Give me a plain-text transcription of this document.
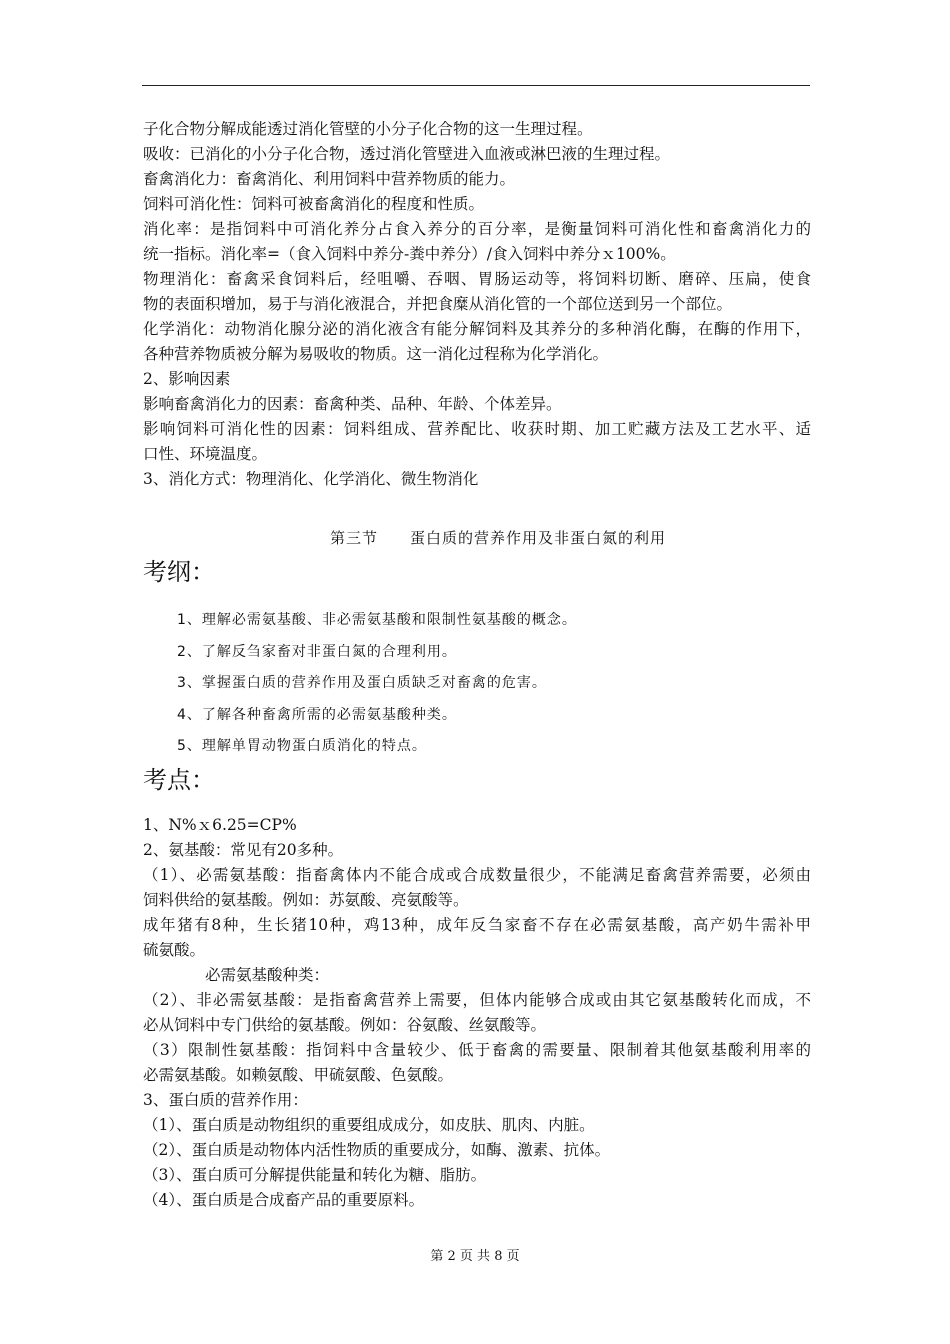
子化合物分解成能透过消化管壁的小分子化合物的这一生理过程。
吸收：已消化的小分子化合物，透过消化管壁进入血液或淋巴液的生理过程。
畜禽消化力：畜禽消化、利用饲料中营养物质的能力。
饲料可消化性：饲料可被畜禽消化的程度和性质。
消化率：是指饲料中可消化养分占食入养分的百分率，是衡量饲料可消化性和畜禽消化力的
统一指标。消化率=（食入饲料中养分-粪中养分）/食入饲料中养分ｘ100%。
物理消化：畜禽采食饲料后，经咀嚼、吞咽、胃肠运动等，将饲料切断、磨碎、压扁，使食
物的表面积增加，易于与消化液混合，并把食糜从消化管的一个部位送到另一个部位。
化学消化：动物消化腺分泌的消化液含有能分解饲料及其养分的多种消化酶，在酶的作用下，
各种营养物质被分解为易吸收的物质。这一消化过程称为化学消化。
2、影响因素
影响畜禽消化力的因素：畜禽种类、品种、年龄、个体差异。
影响饲料可消化性的因素：饲料组成、营养配比、收获时期、加工贮藏方法及工艺水平、适
口性、环境温度。
3、消化方式：物理消化、化学消化、微生物消化
第三节　　蛋白质的营养作用及非蛋白氮的利用
考纲：
1、理解必需氨基酸、非必需氨基酸和限制性氨基酸的概念。
2、了解反刍家畜对非蛋白氮的合理利用。
3、掌握蛋白质的营养作用及蛋白质缺乏对畜禽的危害。
4、了解各种畜禽所需的必需氨基酸种类。
5、理解单胃动物蛋白质消化的特点。
考点：
1、N%ｘ6.25=CP%
2、氨基酸：常见有20多种。
（1）、必需氨基酸：指畜禽体内不能合成或合成数量很少，不能满足畜禽营养需要，必须由
饲料供给的氨基酸。例如：苏氨酸、亮氨酸等。
成年猪有8种，生长猪10种，鸡13种，成年反刍家畜不存在必需氨基酸，高产奶牛需补甲
硫氨酸。
　　　　必需氨基酸种类：
（2）、非必需氨基酸：是指畜禽营养上需要，但体内能够合成或由其它氨基酸转化而成，不
必从饲料中专门供给的氨基酸。例如：谷氨酸、丝氨酸等。
（3）限制性氨基酸：指饲料中含量较少、低于畜禽的需要量、限制着其他氨基酸利用率的
必需氨基酸。如赖氨酸、甲硫氨酸、色氨酸。
3、蛋白质的营养作用：
（1）、蛋白质是动物组织的重要组成成分，如皮肤、肌肉、内脏。
（2）、蛋白质是动物体内活性物质的重要成分，如酶、激素、抗体。
（3）、蛋白质可分解提供能量和转化为糖、脂肪。
（4）、蛋白质是合成畜产品的重要原料。
第 2 页 共 8 页
